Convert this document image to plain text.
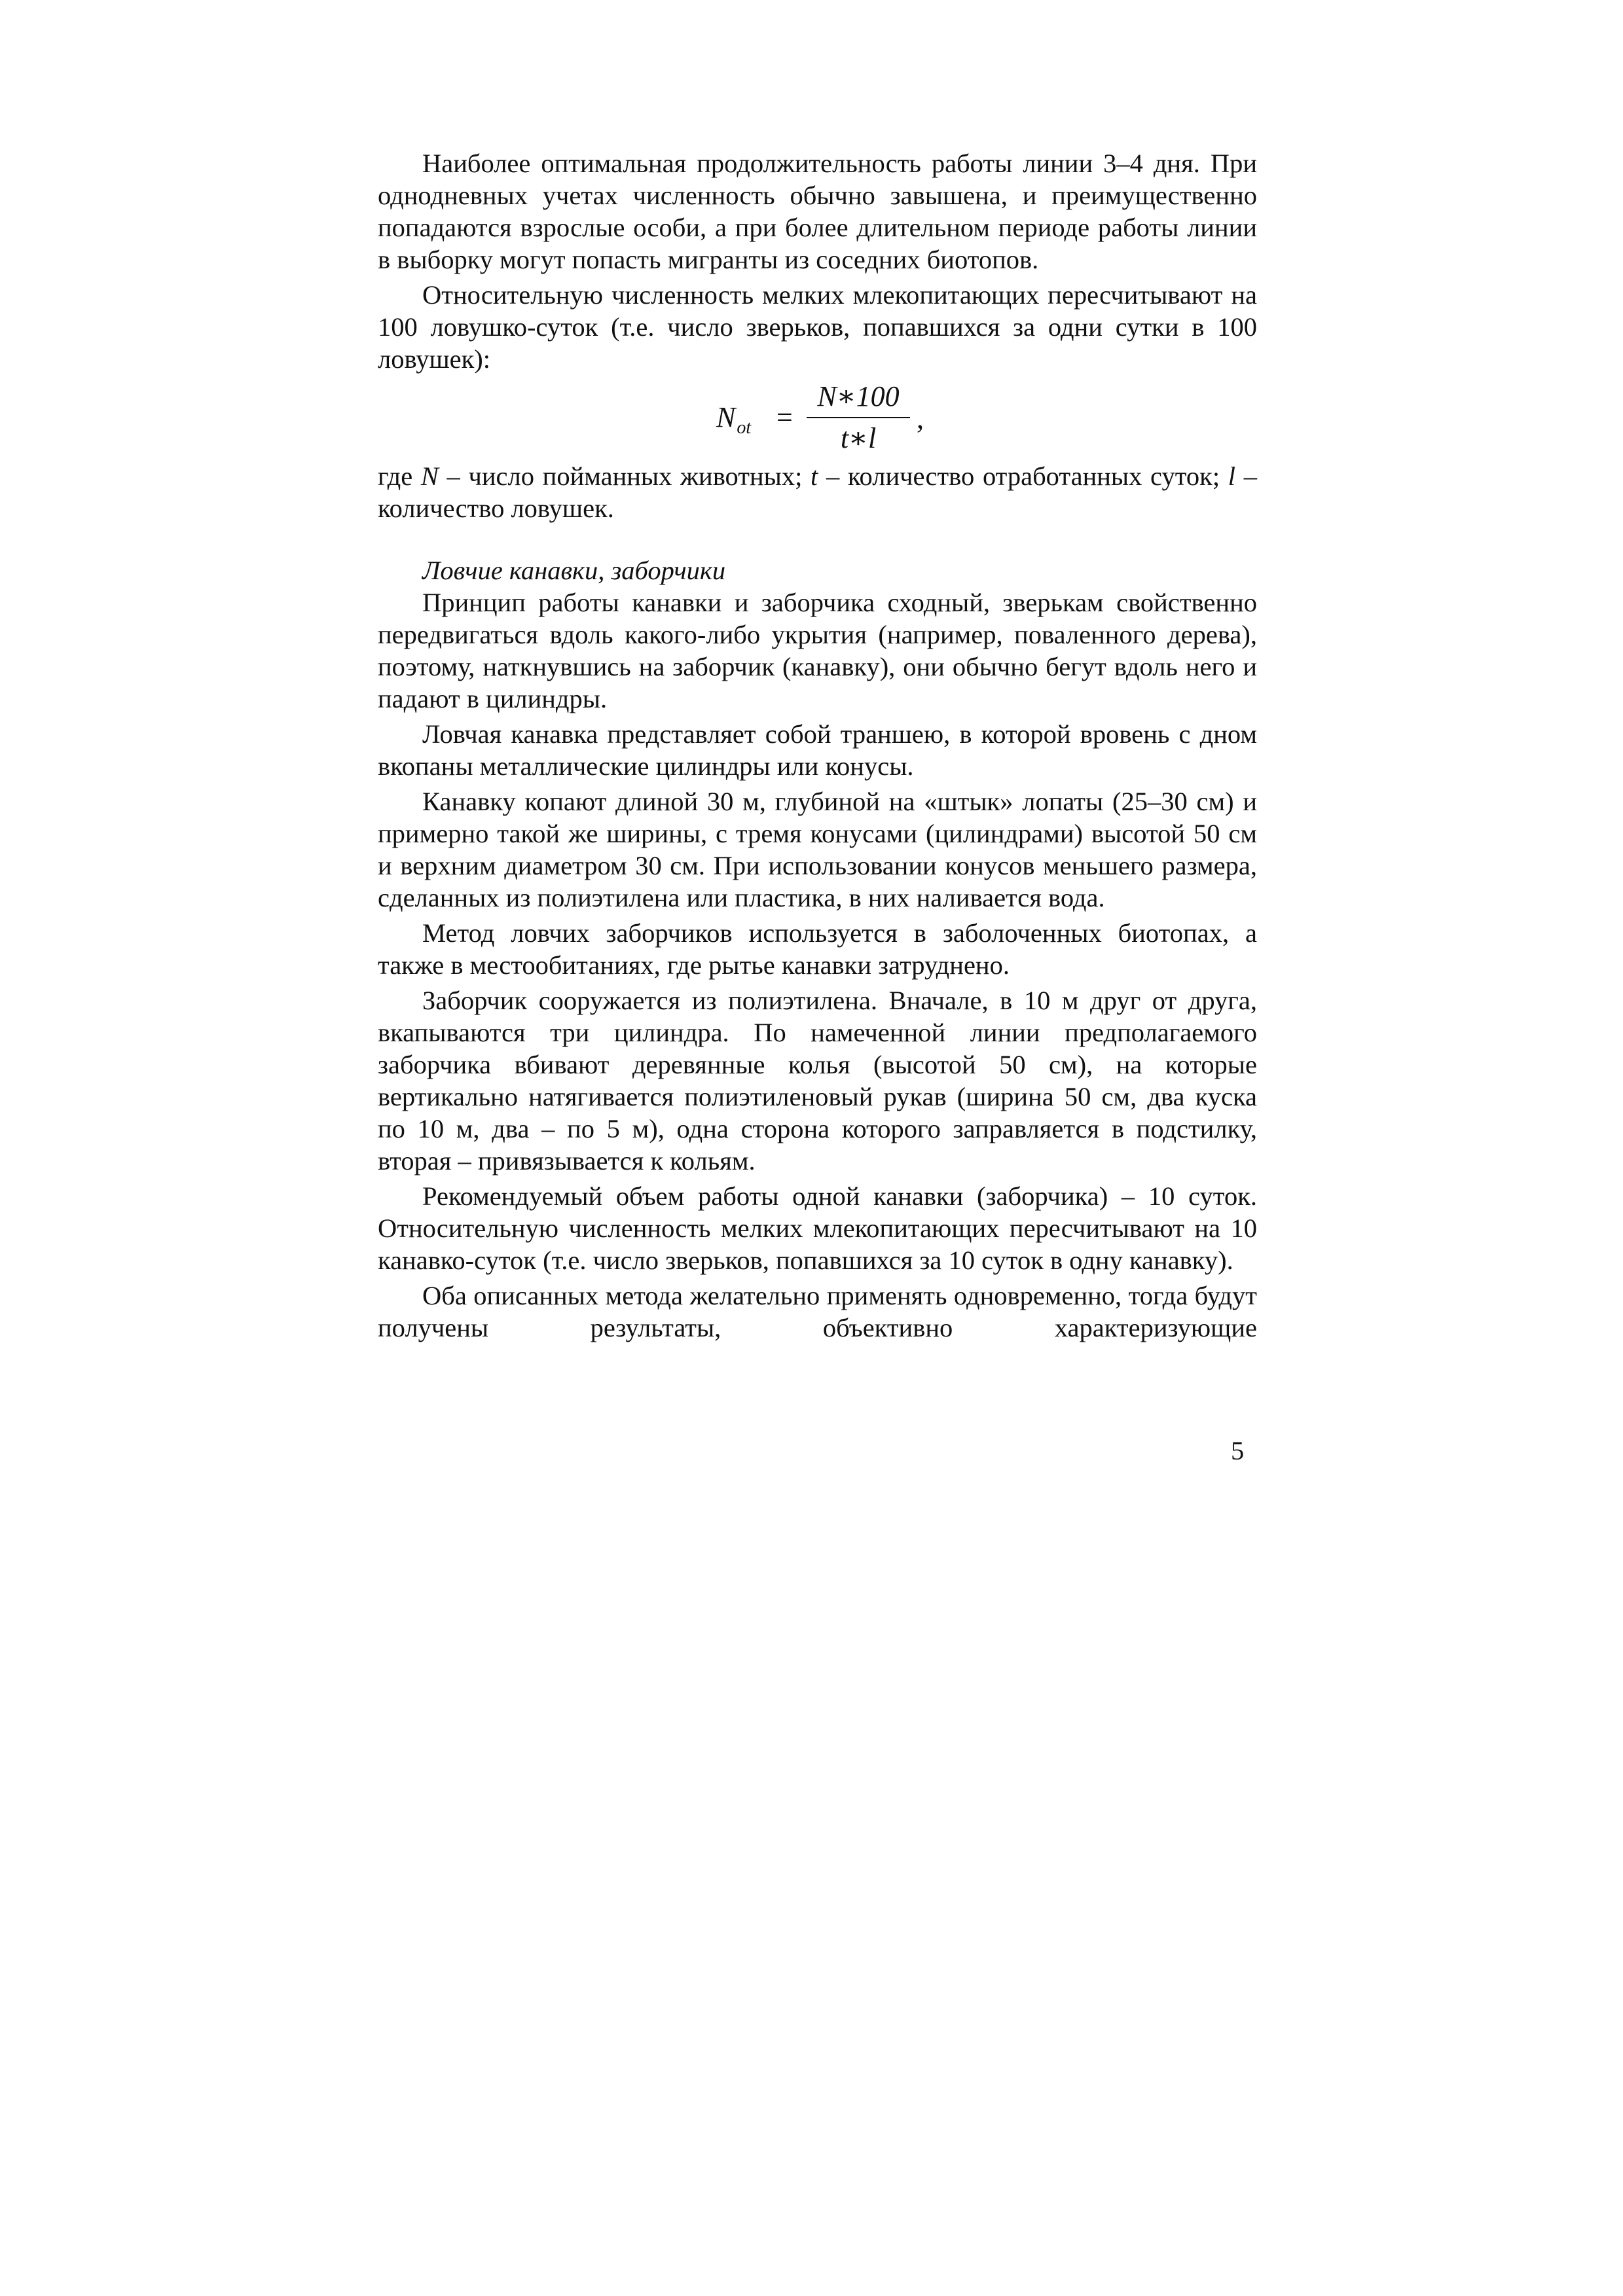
Наиболее оптимальная продолжительность работы линии 3–4 дня. При однодневных учетах численность обычно завышена, и преимущественно попадаются взрослые особи, а при более длительном периоде работы линии в выборку могут попасть мигранты из соседних биотопов.

Относительную численность мелких млекопитающих пересчитывают на 100 ловушко-суток (т.е. число зверьков, попавшихся за одни сутки в 100 ловушек):

$N_{ot}$ =
N∗100
t∗l
,

где N – число пойманных животных; t – количество отработанных суток; l – количество ловушек.

Ловчие канавки, заборчики

Принцип работы канавки и заборчика сходный, зверькам свойственно передвигаться вдоль какого-либо укрытия (например, поваленного дерева), поэтому, наткнувшись на заборчик (канавку), они обычно бегут вдоль него и падают в цилиндры.

Ловчая канавка представляет собой траншею, в которой вровень с дном вкопаны металлические цилиндры или конусы.

Канавку копают длиной 30 м, глубиной на «штык» лопаты (25–30 см) и примерно такой же ширины, с тремя конусами (цилиндрами) высотой 50 см и верхним диаметром 30 см. При использовании конусов меньшего размера, сделанных из полиэтилена или пластика, в них наливается вода.

Метод ловчих заборчиков используется в заболоченных биотопах, а также в местообитаниях, где рытье канавки затруднено.

Заборчик сооружается из полиэтилена. Вначале, в 10 м друг от друга, вкапываются три цилиндра. По намеченной линии предполагаемого заборчика вбивают деревянные колья (высотой 50 см), на которые вертикально натягивается полиэтиленовый рукав (ширина 50 см, два куска по 10 м, два – по 5 м), одна сторона которого заправляется в подстилку, вторая – привязывается к кольям.

Рекомендуемый объем работы одной канавки (заборчика) – 10 суток. Относительную численность мелких млекопитающих пересчитывают на 10 канавко-суток (т.е. число зверьков, попавшихся за 10 суток в одну канавку).

Оба описанных метода желательно применять одновременно, тогда будут получены результаты, объективно характеризующие

5
